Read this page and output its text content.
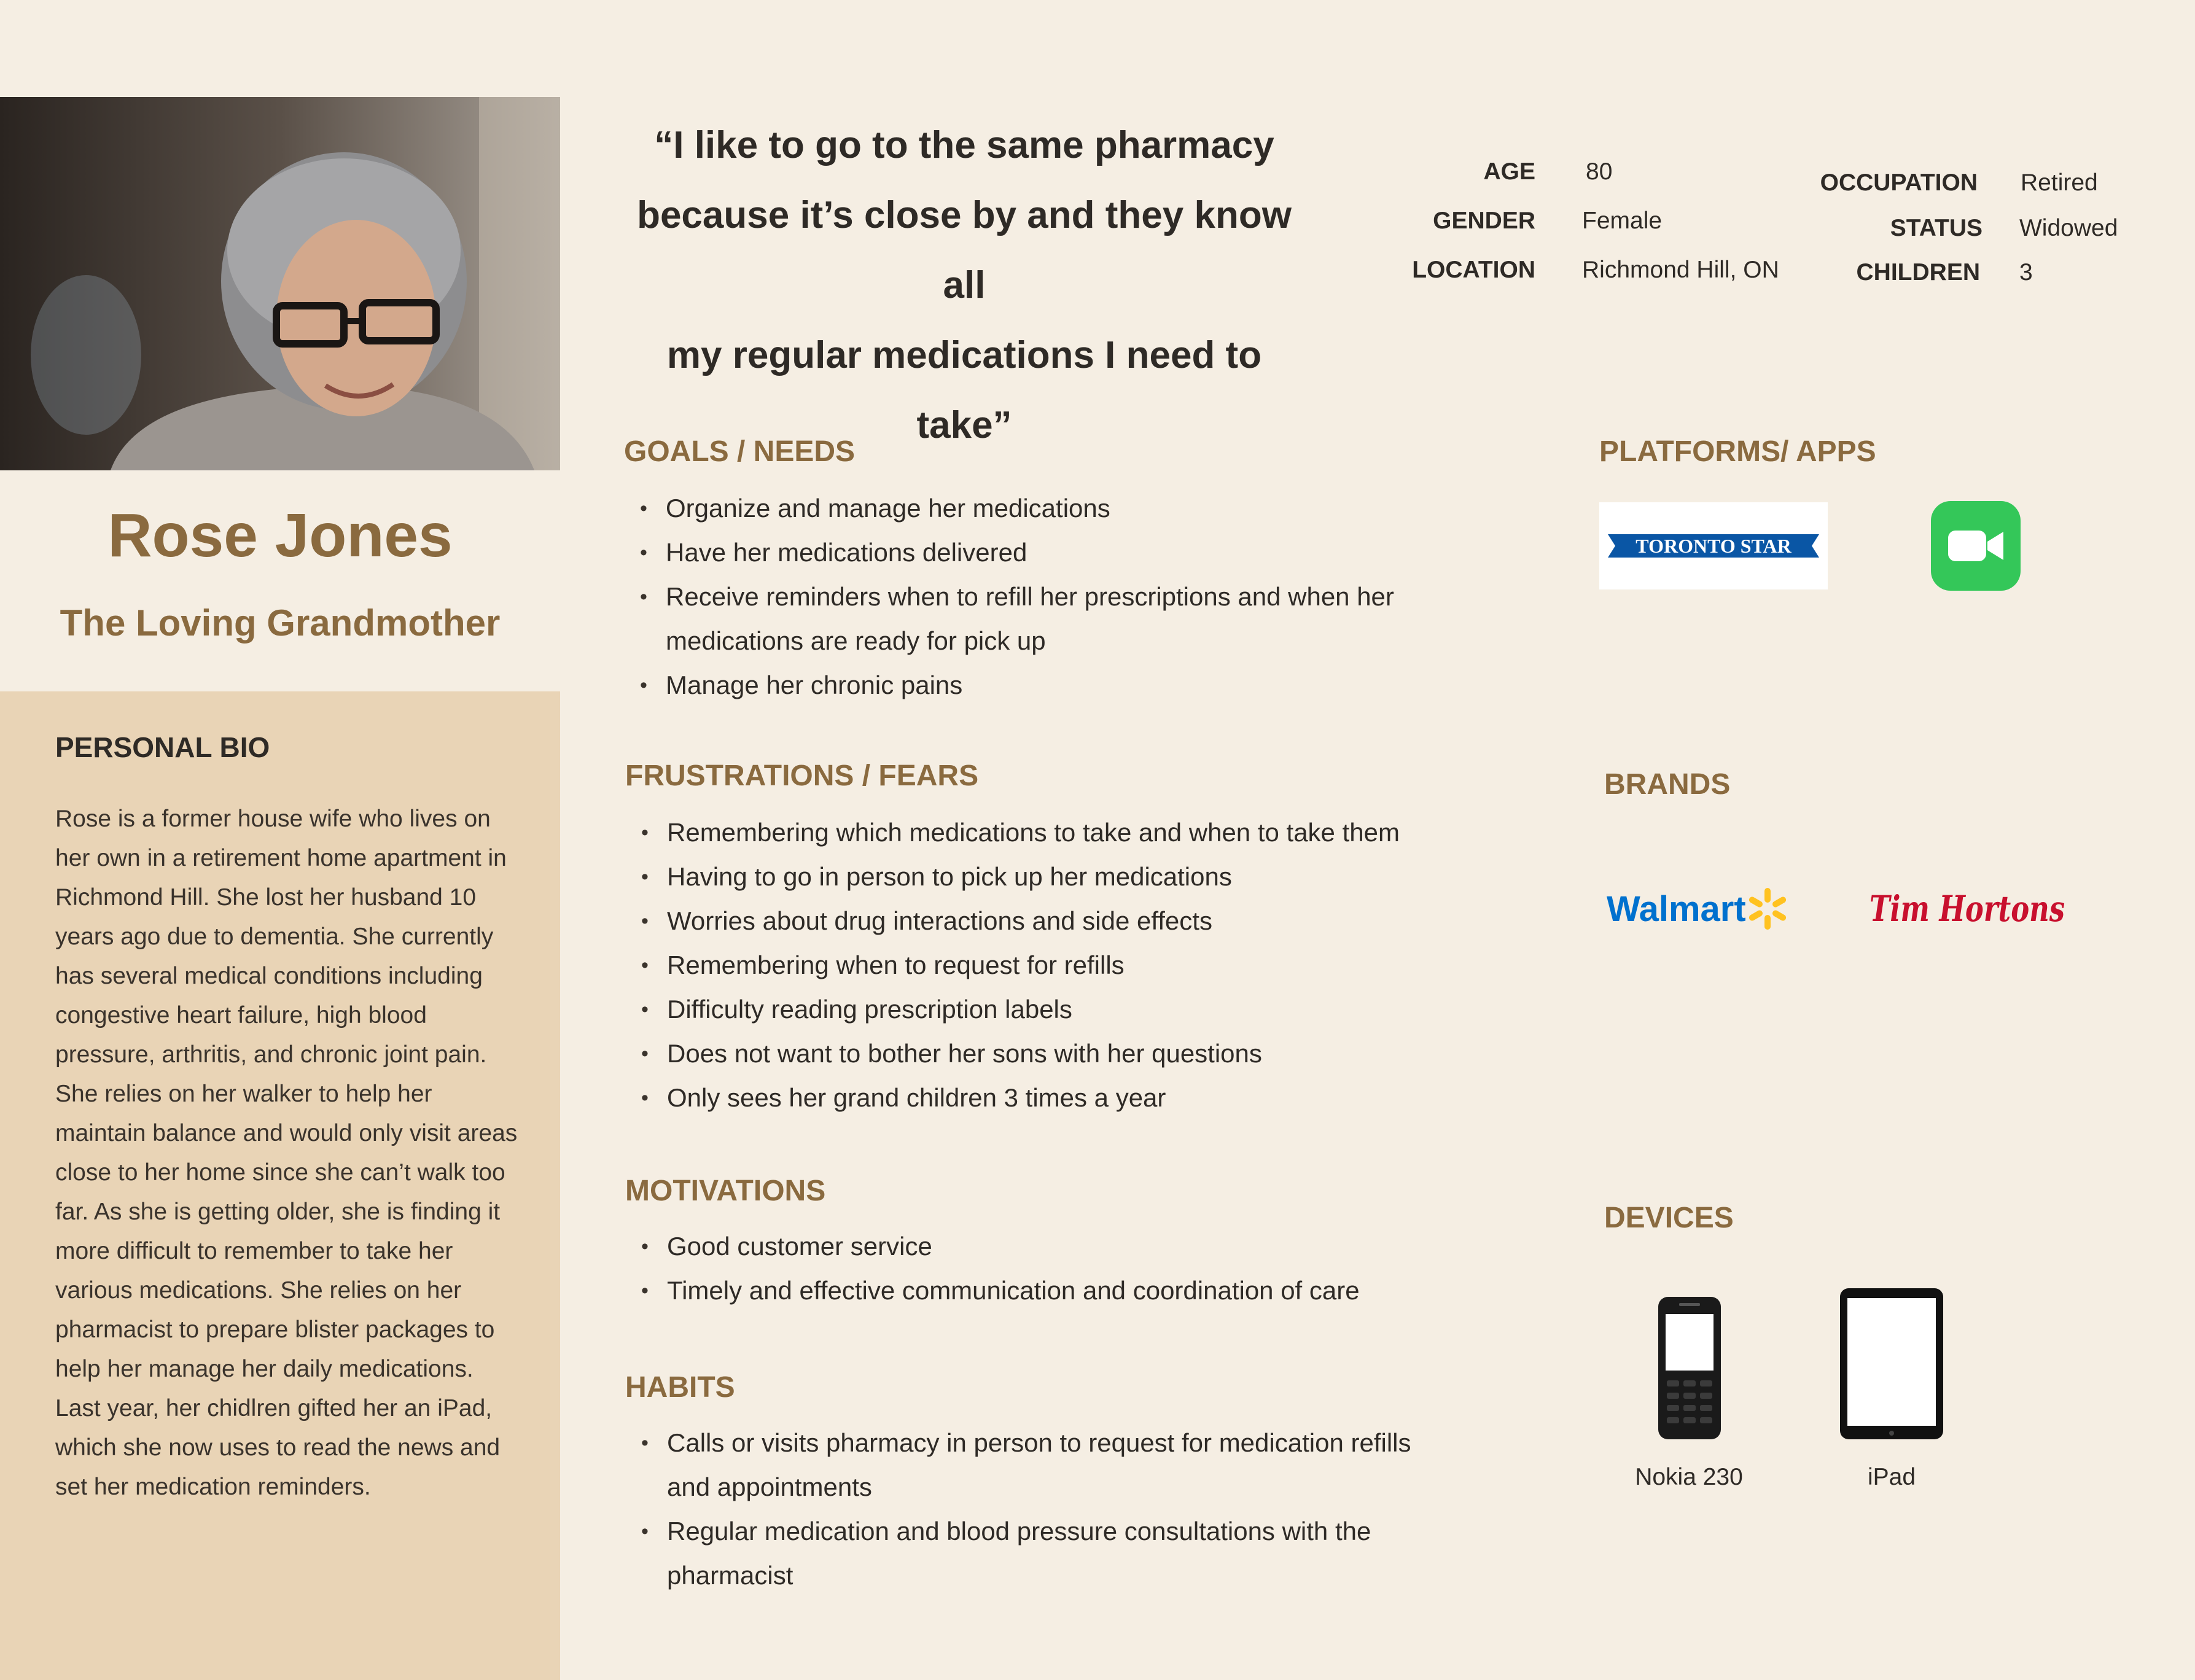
Rose Jones
The Loving Grandmother
PERSONAL BIO
Rose is a former house wife who lives on
her own in a retirement home apartment in
Richmond Hill. She lost her husband 10
years ago due to dementia. She currently
has several medical conditions including
congestive heart failure, high blood
pressure, arthritis, and chronic joint pain.
She relies on her walker to help her
maintain balance and would only visit areas
close to her home since she can’t walk too
far. As she is getting older, she is finding it
more difficult to remember to take her
various medications. She relies on her
pharmacist to prepare blister packages to
help her manage her daily medications.
Last year, her chidlren gifted her an iPad,
which she now uses to read the news and
set her medication reminders.
“I like to go to the same pharmacy
because it’s close by and they know all
my regular medications I need to take”
AGE 80
GENDER Female
LOCATION Richmond Hill, ON
OCCUPATION Retired
STATUS Widowed
CHILDREN 3
GOALS / NEEDS
• Organize and manage her medications
• Have her medications delivered
• Receive reminders when to refill her prescriptions and when her medications are ready for pick up
• Manage her chronic pains
FRUSTRATIONS / FEARS
• Remembering which medications to take and when to take them
• Having to go in person to pick up her medications
• Worries about drug interactions and side effects
• Remembering when to request for refills
• Difficulty reading prescription labels
• Does not want to bother her sons with her questions
• Only sees her grand children 3 times a year
MOTIVATIONS
• Good customer service
• Timely and effective communication and coordination of care
HABITS
• Calls or visits pharmacy in person to request for medication refills and appointments
• Regular medication and blood pressure consultations with the pharmacist
PLATFORMS/ APPS
TORONTO STAR
BRANDS
Walmart	Tim Hortons
DEVICES
Nokia 230	iPad
